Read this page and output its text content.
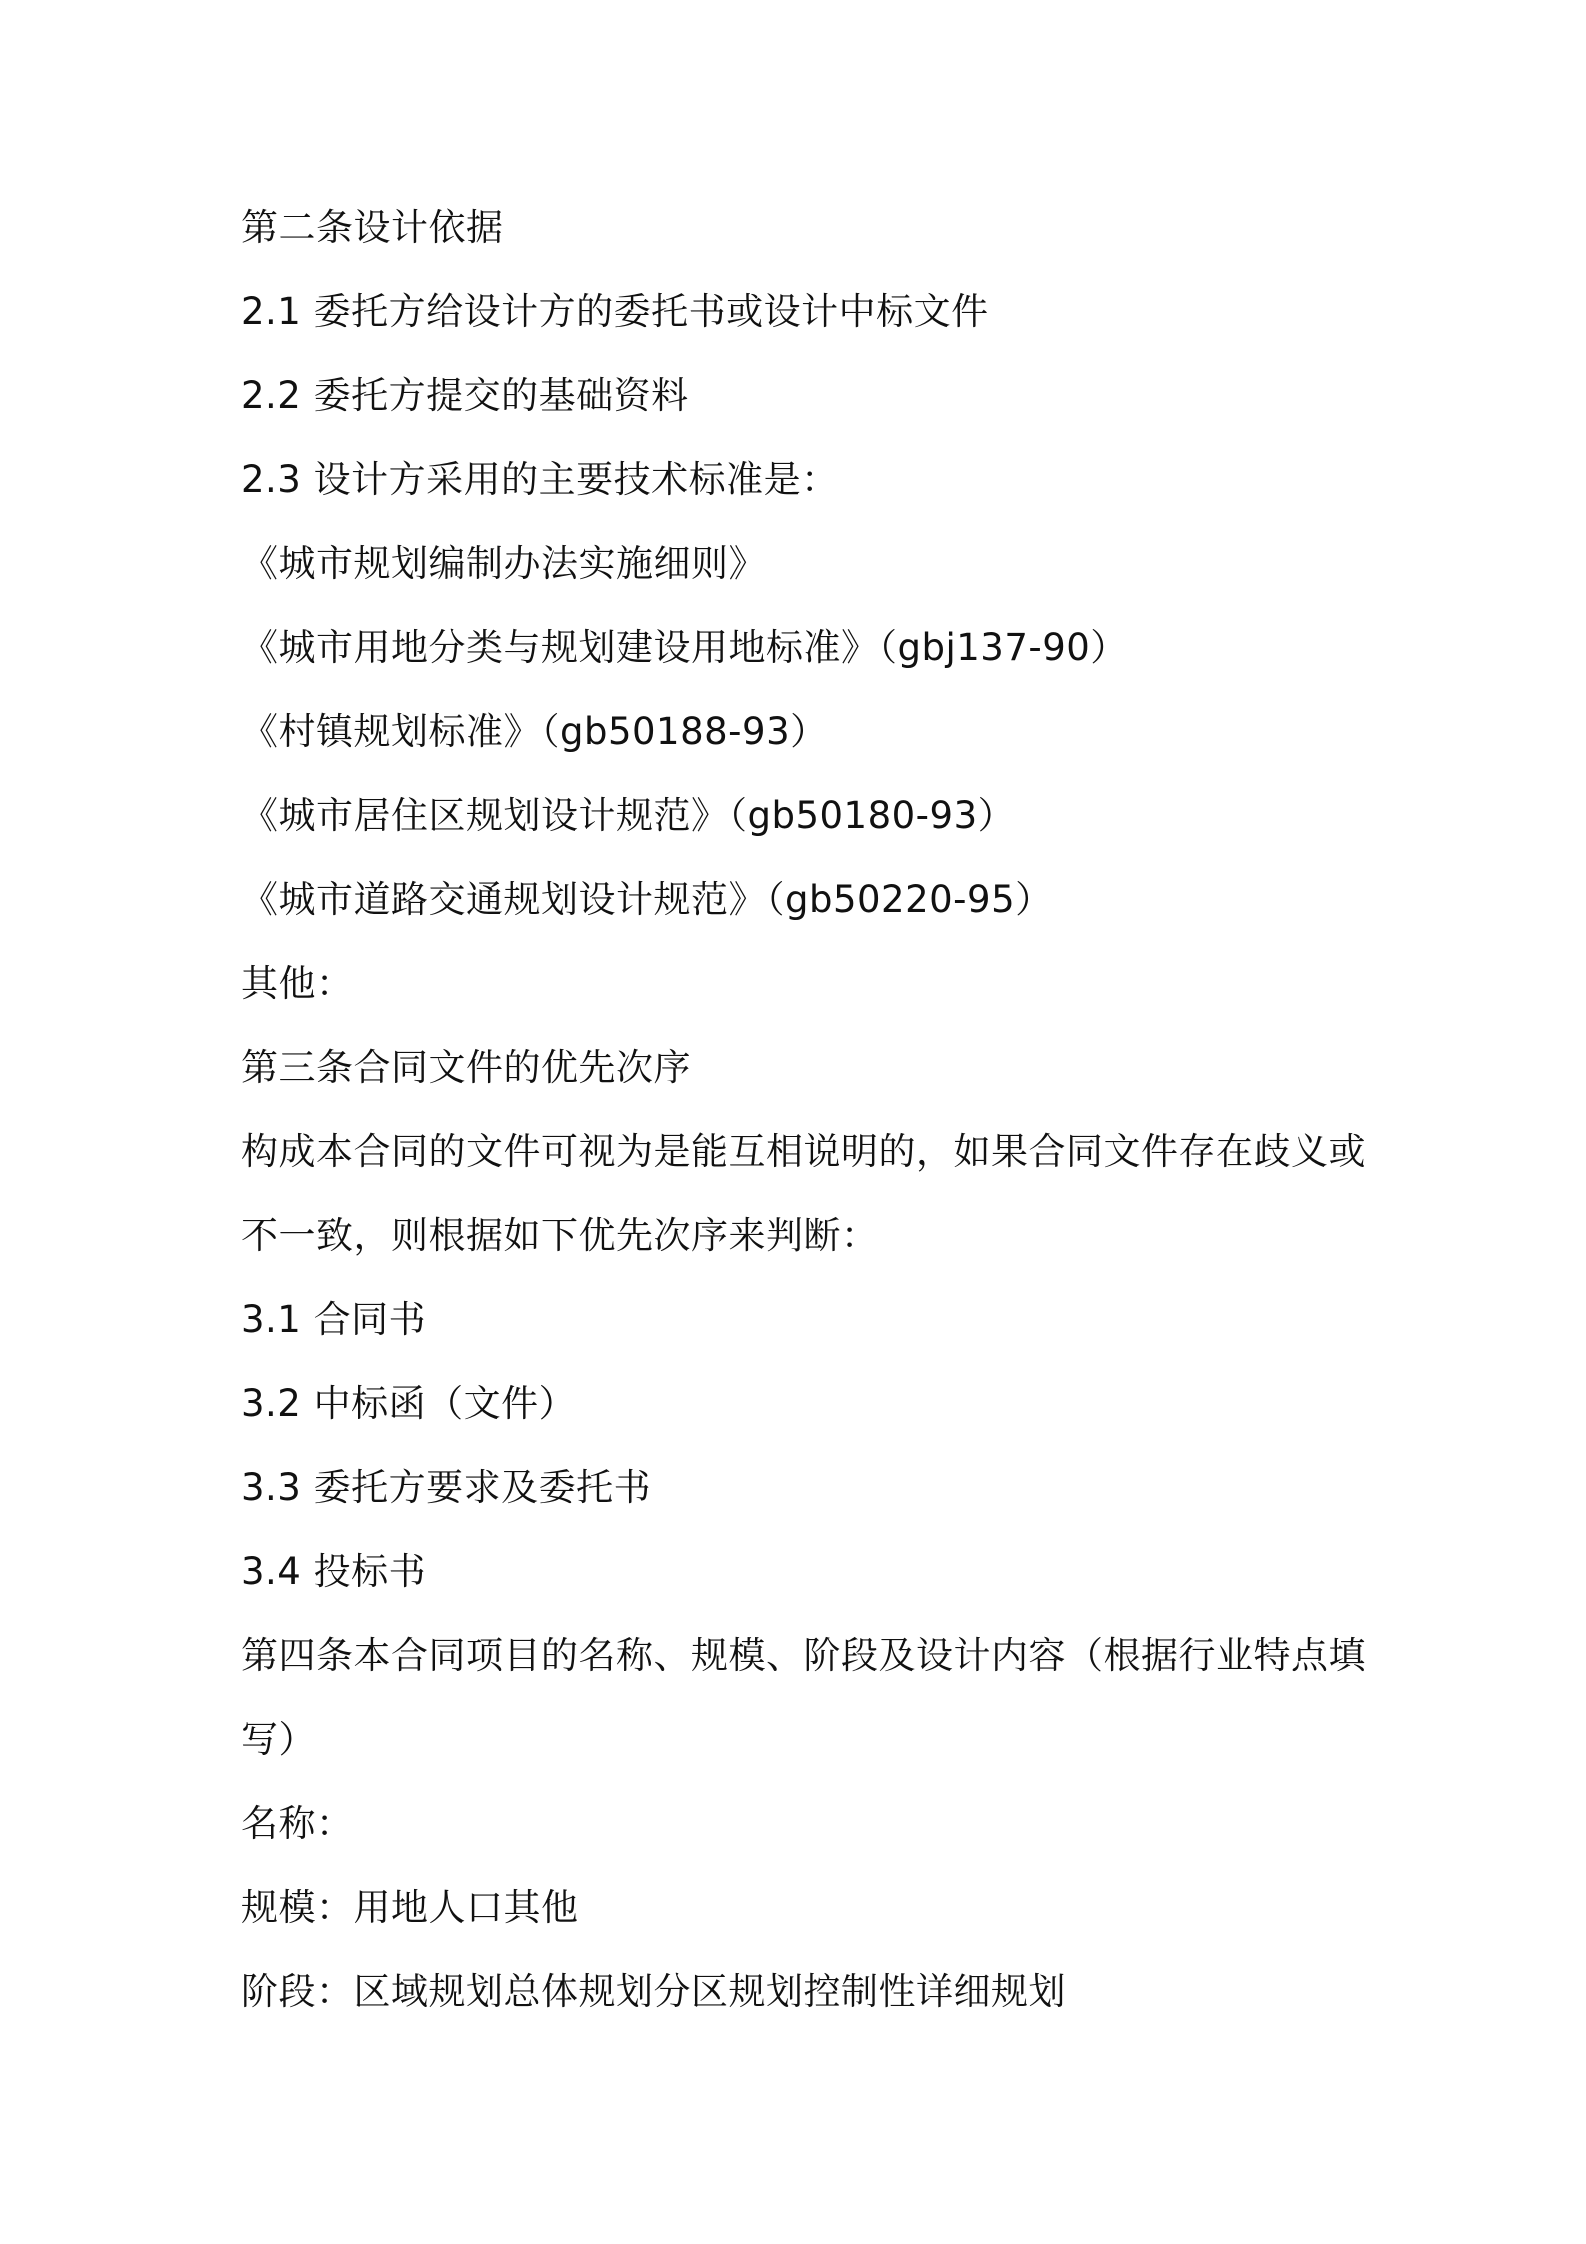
第二条设计依据

2.1 委托方给设计方的委托书或设计中标文件

2.2 委托方提交的基础资料

2.3 设计方采用的主要技术标准是：

《城市规划编制办法实施细则》

《城市用地分类与规划建设用地标准》（gbj137-90）

《村镇规划标准》（gb50188-93）

《城市居住区规划设计规范》（gb50180-93）

《城市道路交通规划设计规范》（gb50220-95）

其他：

第三条合同文件的优先次序

构成本合同的文件可视为是能互相说明的，如果合同文件存在歧义或

不一致，则根据如下优先次序来判断：

3.1 合同书

3.2 中标函（文件）

3.3 委托方要求及委托书

3.4 投标书

第四条本合同项目的名称、规模、阶段及设计内容（根据行业特点填

写）

名称：

规模：用地人口其他

阶段：区域规划总体规划分区规划控制性详细规划
